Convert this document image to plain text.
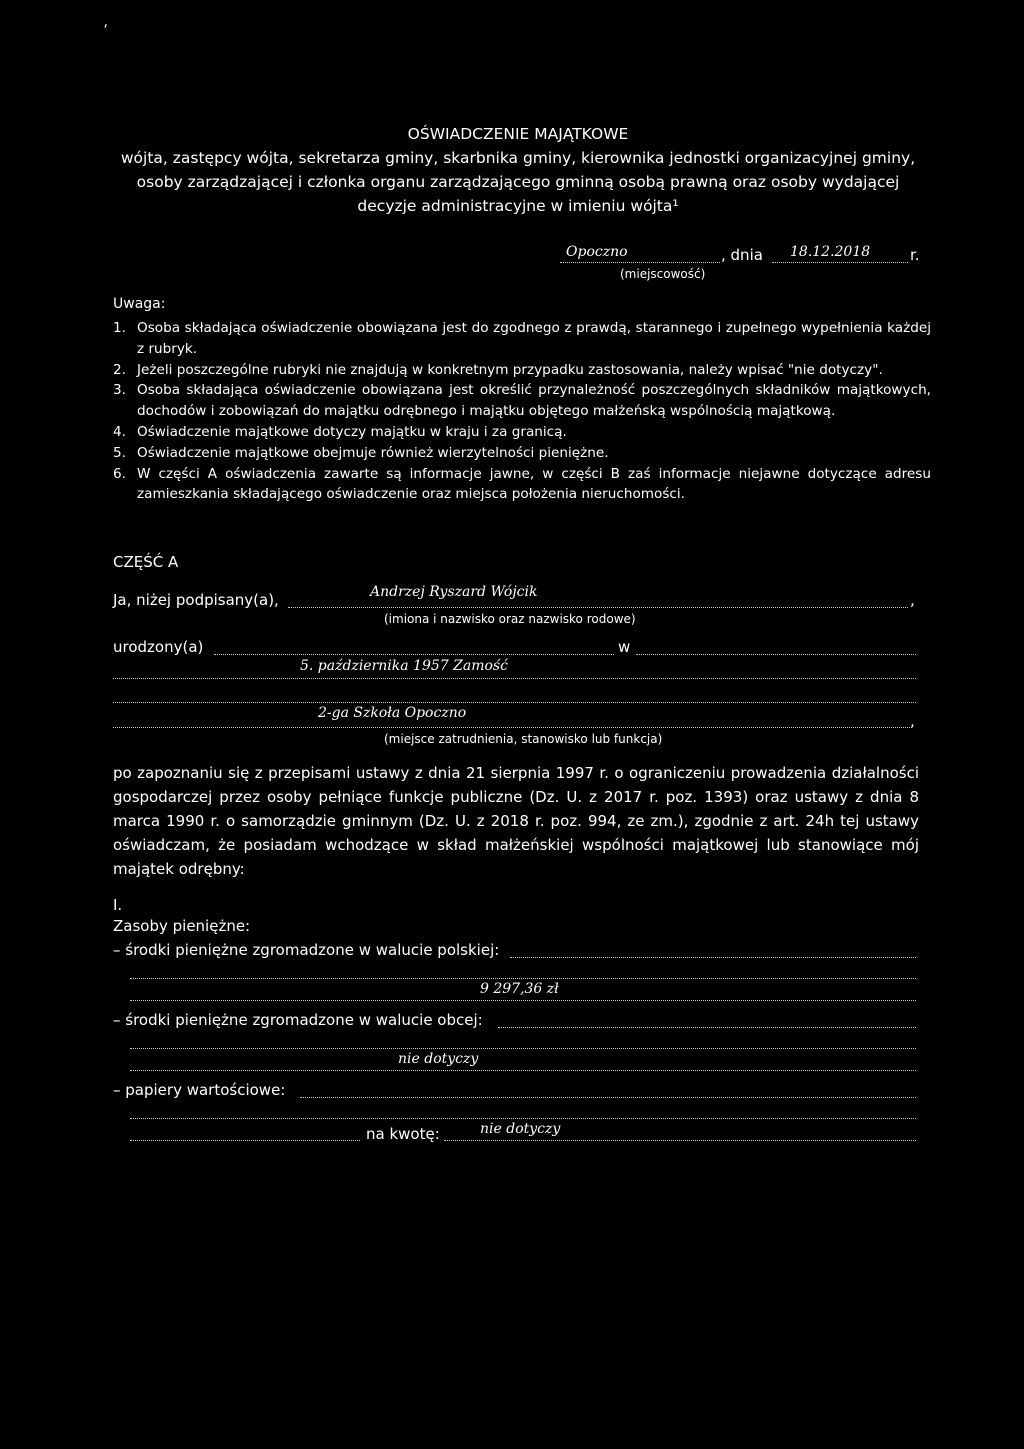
⸴
OŚWIADCZENIE MAJĄTKOWE
wójta, zastępcy wójta, sekretarza gminy, skarbnika gminy, kierownika jednostki organizacyjnej gminy,
osoby zarządzającej i członka organu zarządzającego gminną osobą prawną oraz osoby wydającej
decyzje administracyjne w imieniu wójta¹
Opoczno	, dnia 18.12.2018	r.
(miejscowość)
Uwaga:
1. Osoba składająca oświadczenie obowiązana jest do zgodnego z prawdą, starannego i zupełnego wypełnienia każdej z rubryk.
2. Jeżeli poszczególne rubryki nie znajdują w konkretnym przypadku zastosowania, należy wpisać "nie dotyczy".
3. Osoba składająca oświadczenie obowiązana jest określić przynależność poszczególnych składników majątkowych, dochodów i zobowiązań do majątku odrębnego i majątku objętego małżeńską wspólnością majątkową.
4. Oświadczenie majątkowe dotyczy majątku w kraju i za granicą.
5. Oświadczenie majątkowe obejmuje również wierzytelności pieniężne.
6. W części A oświadczenia zawarte są informacje jawne, w części B zaś informacje niejawne dotyczące adresu zamieszkania składającego oświadczenie oraz miejsca położenia nieruchomości.
CZĘŚĆ A
Ja, niżej podpisany(a),	Andrzej Ryszard Wójcik	,
(imiona i nazwisko oraz nazwisko rodowe)
urodzony(a)	w
5. października 1957 Zamość
2-ga Szkoła Opoczno	,
(miejsce zatrudnienia, stanowisko lub funkcja)
po zapoznaniu się z przepisami ustawy z dnia 21 sierpnia 1997 r. o ograniczeniu prowadzenia działalności gospodarczej przez osoby pełniące funkcje publiczne (Dz. U. z 2017 r. poz. 1393) oraz ustawy z dnia 8 marca 1990 r. o samorządzie gminnym (Dz. U. z 2018 r. poz. 994, ze zm.), zgodnie z art. 24h tej ustawy oświadczam, że posiadam wchodzące w skład małżeńskiej wspólności majątkowej lub stanowiące mój majątek odrębny:
I.
Zasoby pieniężne:
– środki pieniężne zgromadzone w walucie polskiej:
9 297,36 zł
– środki pieniężne zgromadzone w walucie obcej:
nie dotyczy
– papiery wartościowe:
na kwotę:	nie dotyczy
